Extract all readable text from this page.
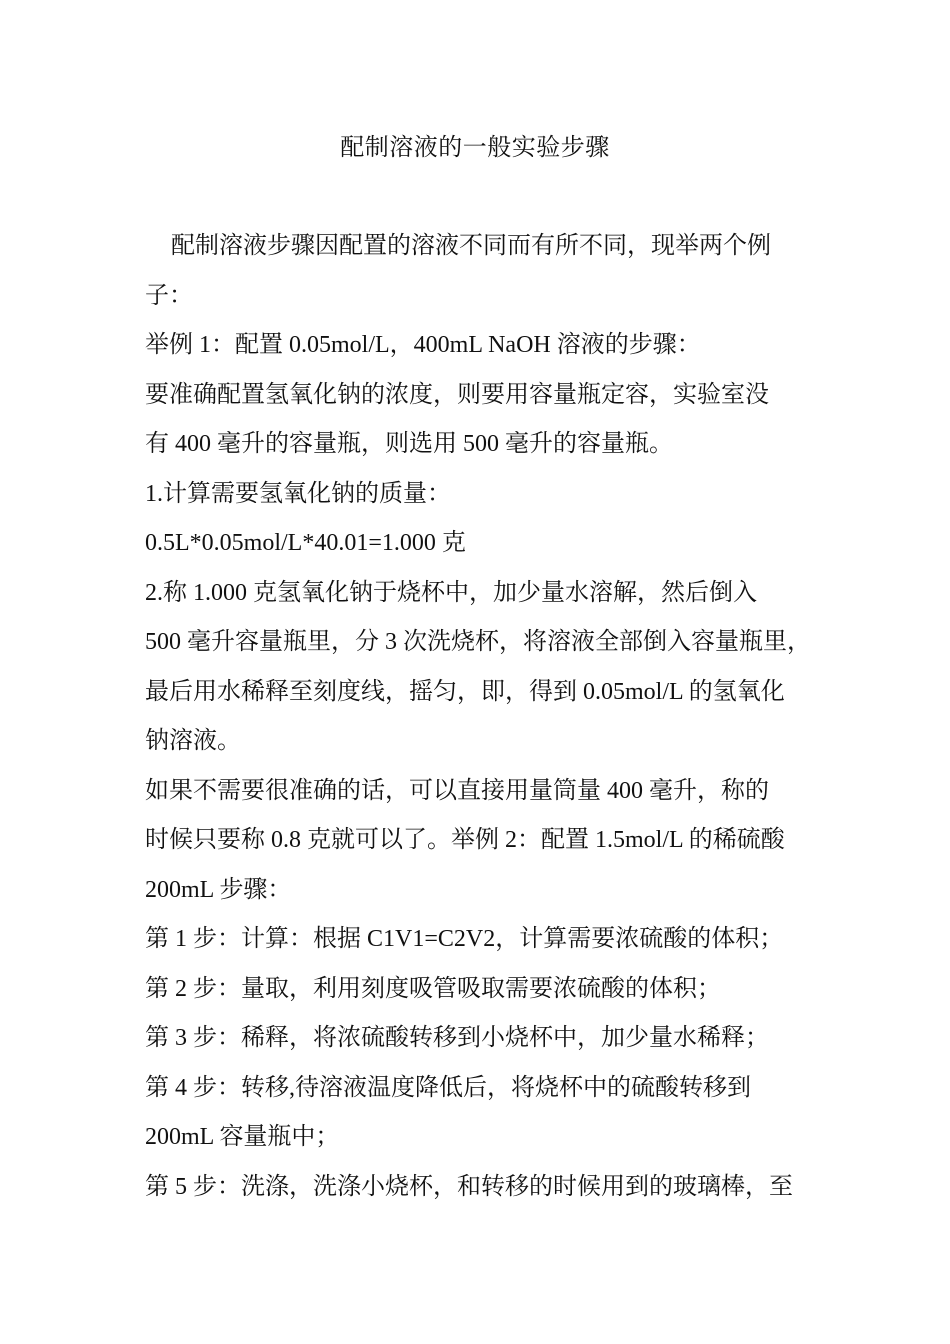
配制溶液的一般实验步骤
配制溶液步骤因配置的溶液不同而有所不同，现举两个例
子：
举例 1：配置 0.05mol/L，400mL NaOH 溶液的步骤：
要准确配置氢氧化钠的浓度，则要用容量瓶定容，实验室没
有 400 毫升的容量瓶，则选用 500 毫升的容量瓶。
1.计算需要氢氧化钠的质量：
0.5L*0.05mol/L*40.01=1.000 克
2.称 1.000 克氢氧化钠于烧杯中，加少量水溶解，然后倒入
500 毫升容量瓶里，分 3 次洗烧杯，将溶液全部倒入容量瓶里，
最后用水稀释至刻度线，摇匀，即，得到 0.05mol/L 的氢氧化
钠溶液。
如果不需要很准确的话，可以直接用量筒量 400 毫升，称的
时候只要称 0.8 克就可以了。举例 2：配置 1.5mol/L 的稀硫酸
200mL 步骤：
第 1 步：计算：根据 C1V1=C2V2，计算需要浓硫酸的体积；
第 2 步：量取，利用刻度吸管吸取需要浓硫酸的体积；
第 3 步：稀释，将浓硫酸转移到小烧杯中，加少量水稀释；
第 4 步：转移,待溶液温度降低后，将烧杯中的硫酸转移到
200mL 容量瓶中；
第 5 步：洗涤，洗涤小烧杯，和转移的时候用到的玻璃棒，至
